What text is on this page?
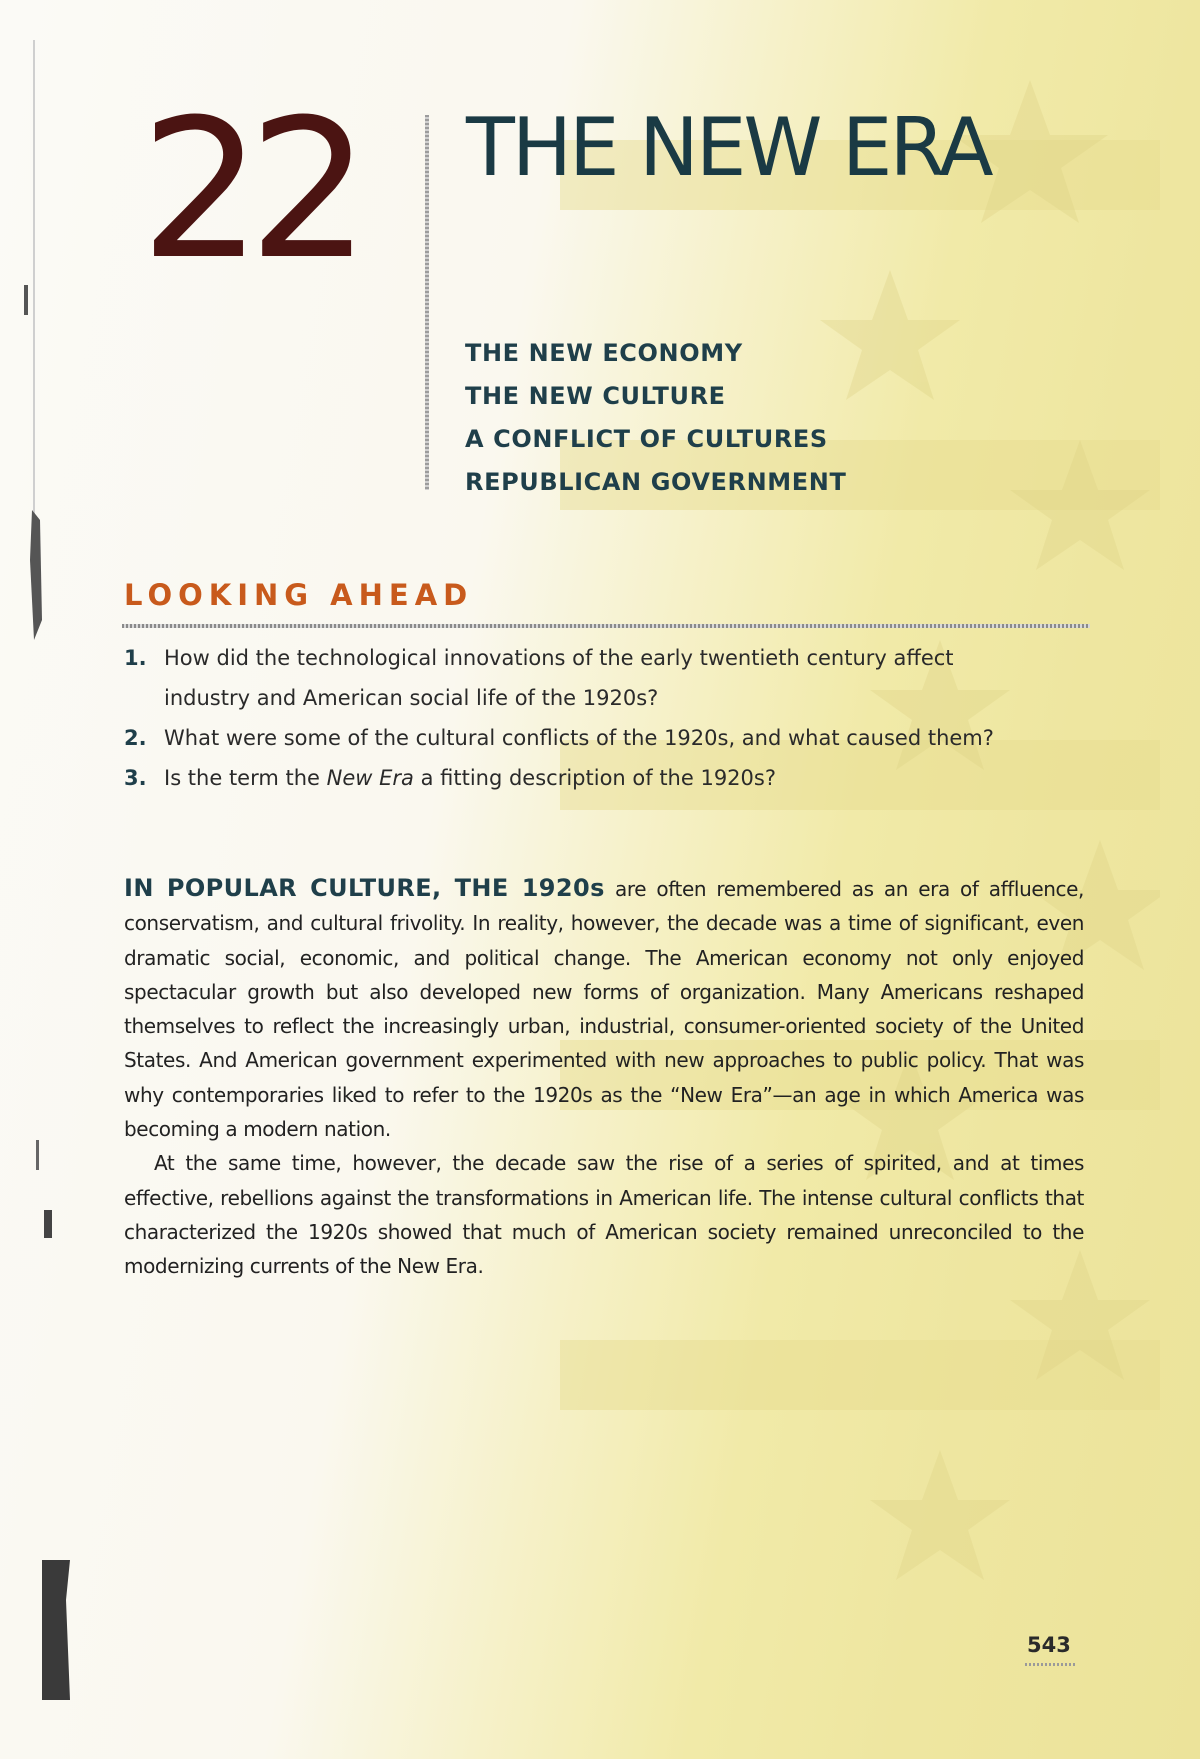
22 THE NEW ERA
THE NEW ECONOMY
THE NEW CULTURE
A CONFLICT OF CULTURES
REPUBLICAN GOVERNMENT
LOOKING AHEAD
1. How did the technological innovations of the early twentieth century affect industry and American social life of the 1920s?
2. What were some of the cultural conflicts of the 1920s, and what caused them?
3. Is the term the New Era a fitting description of the 1920s?

IN POPULAR CULTURE, THE 1920s are often remembered as an era of affluence, conservatism, and cultural frivolity. In reality, however, the decade was a time of significant, even dramatic social, economic, and political change. The American economy not only enjoyed spectacular growth but also developed new forms of organization. Many Americans reshaped themselves to reflect the increasingly urban, industrial, consumer-oriented society of the United States. And American government experimented with new approaches to public policy. That was why contemporaries liked to refer to the 1920s as the “New Era”—an age in which America was becoming a modern nation.

At the same time, however, the decade saw the rise of a series of spirited, and at times effective, rebellions against the transformations in American life. The intense cultural conflicts that characterized the 1920s showed that much of American society remained unreconciled to the modernizing currents of the New Era.

543
